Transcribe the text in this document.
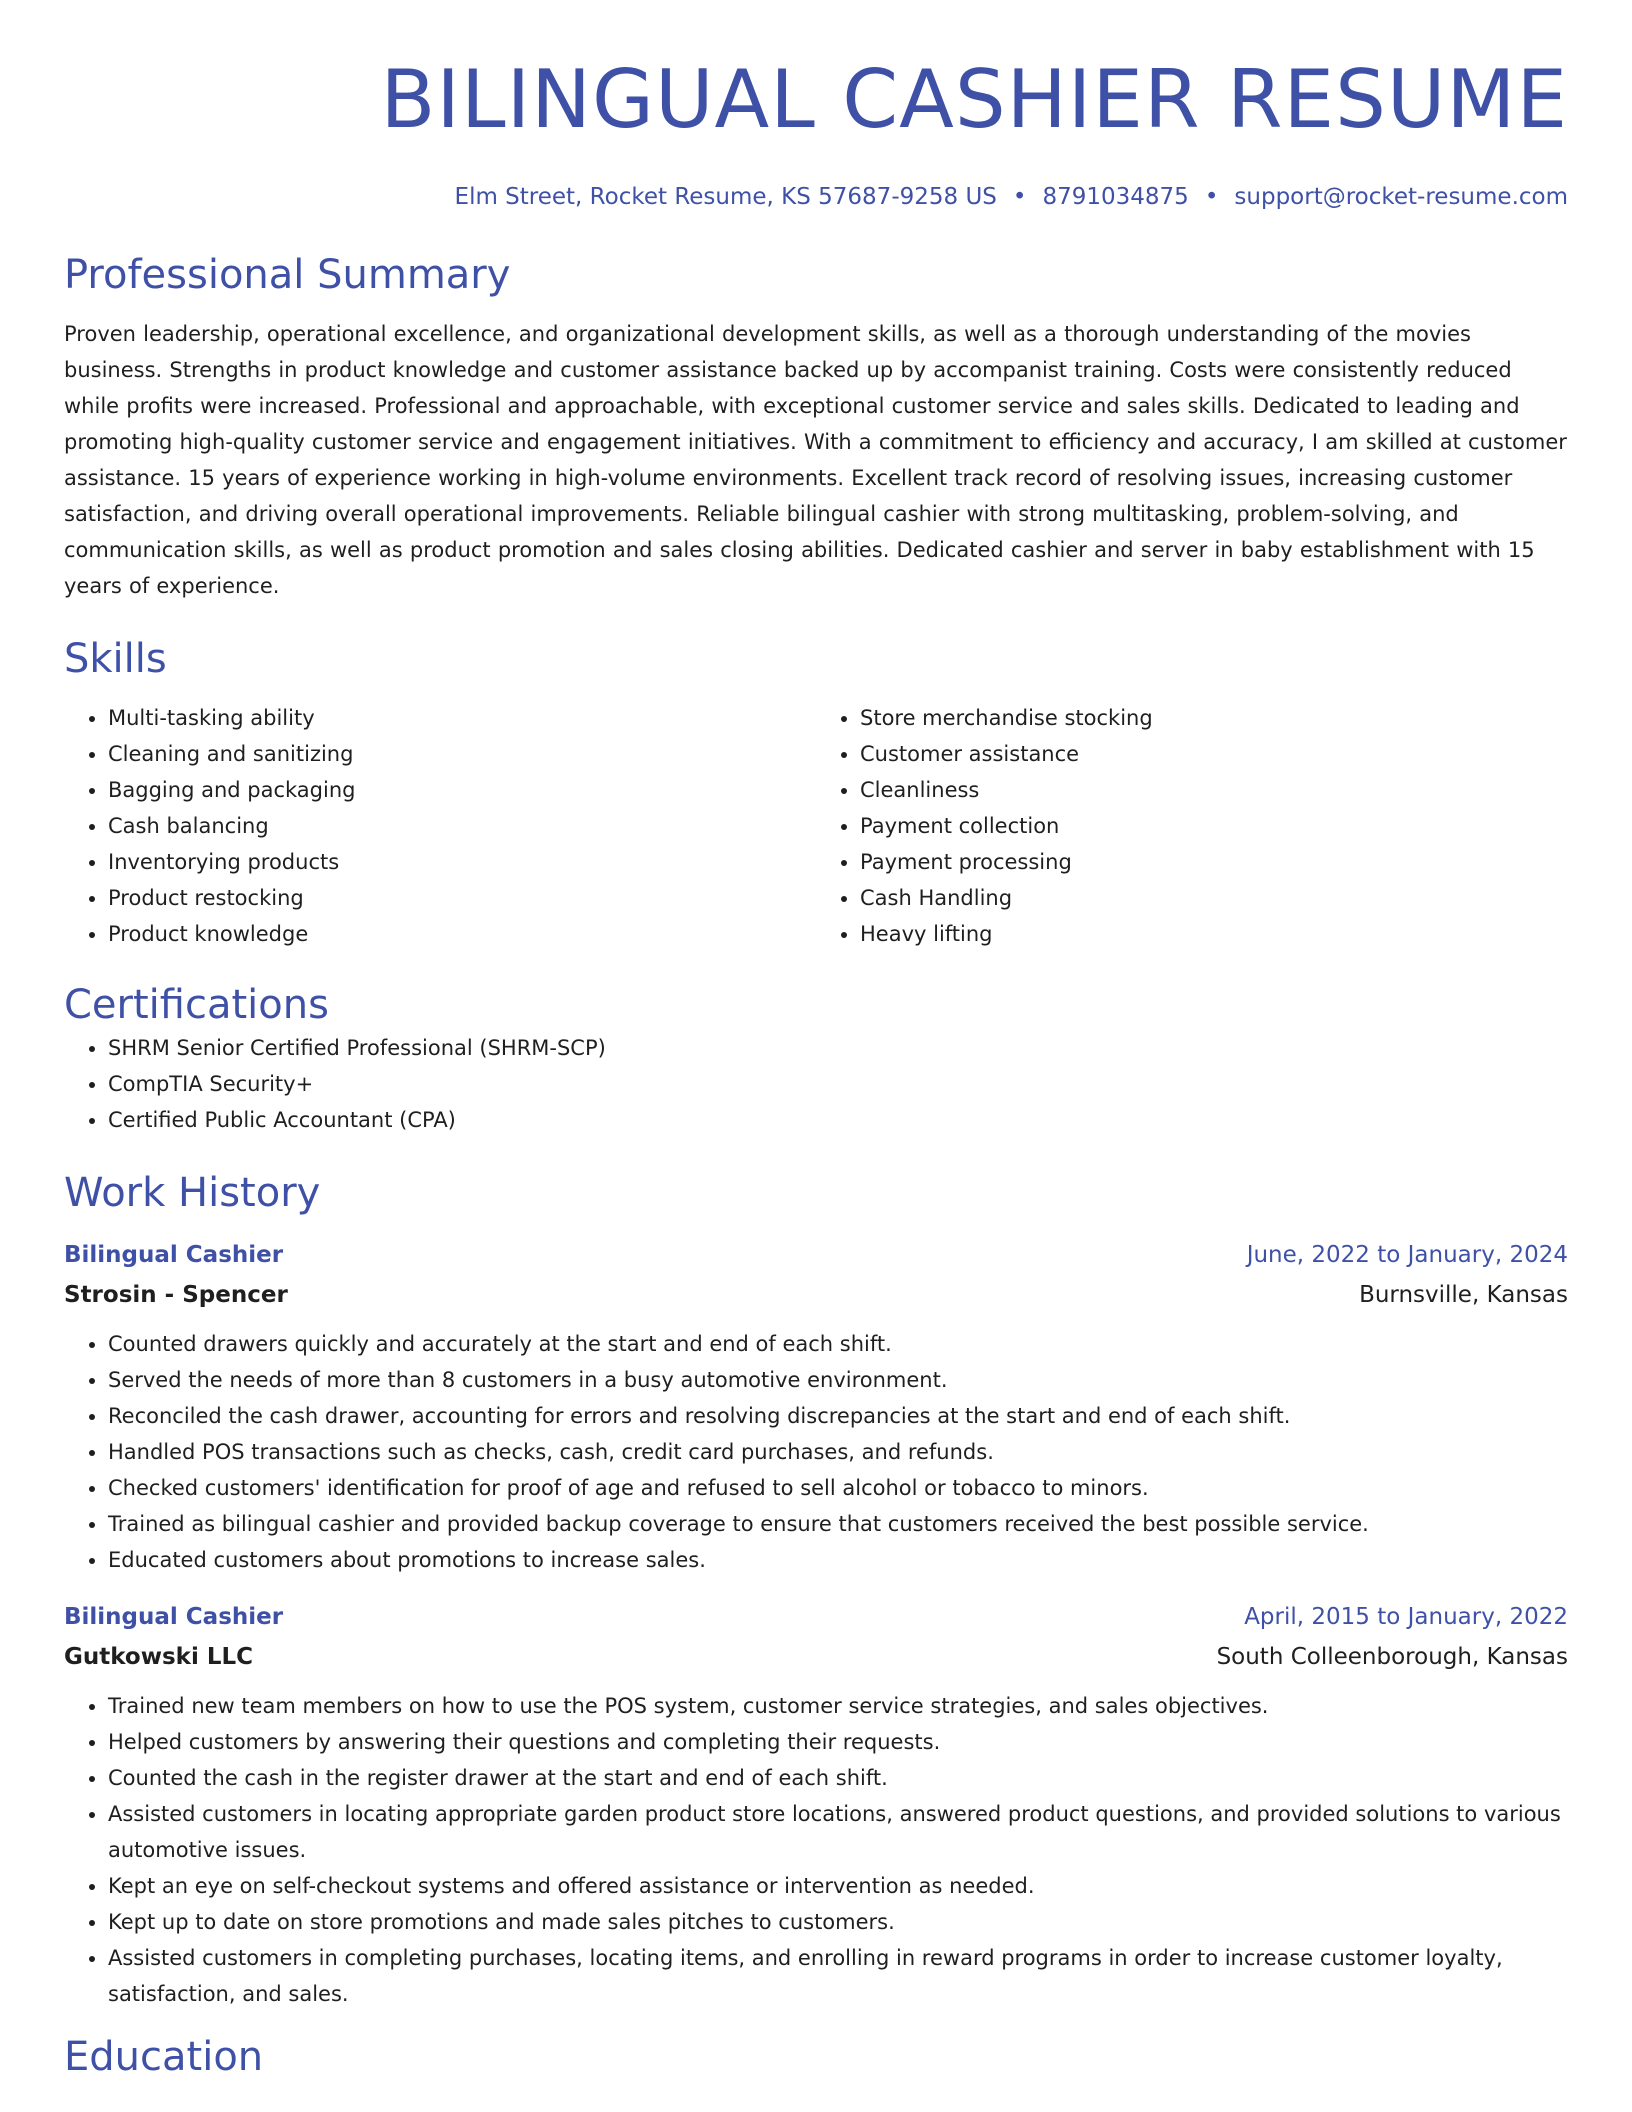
BILINGUAL CASHIER RESUME
Elm Street, Rocket Resume, KS 57687-9258 US • 8791034875 • support@rocket-resume.com
Professional Summary
Proven leadership, operational excellence, and organizational development skills, as well as a thorough understanding of the movies business. Strengths in product knowledge and customer assistance backed up by accompanist training. Costs were consistently reduced while profits were increased. Professional and approachable, with exceptional customer service and sales skills. Dedicated to leading and promoting high-quality customer service and engagement initiatives. With a commitment to efficiency and accuracy, I am skilled at customer assistance. 15 years of experience working in high-volume environments. Excellent track record of resolving issues, increasing customer satisfaction, and driving overall operational improvements. Reliable bilingual cashier with strong multitasking, problem-solving, and communication skills, as well as product promotion and sales closing abilities. Dedicated cashier and server in baby establishment with 15 years of experience.
Skills
• Multi-tasking ability
• Cleaning and sanitizing
• Bagging and packaging
• Cash balancing
• Inventorying products
• Product restocking
• Product knowledge
• Store merchandise stocking
• Customer assistance
• Cleanliness
• Payment collection
• Payment processing
• Cash Handling
• Heavy lifting
Certifications
• SHRM Senior Certified Professional (SHRM-SCP)
• CompTIA Security+
• Certified Public Accountant (CPA)
Work History
Bilingual Cashier	June, 2022 to January, 2024
Strosin - Spencer	Burnsville, Kansas
• Counted drawers quickly and accurately at the start and end of each shift.
• Served the needs of more than 8 customers in a busy automotive environment.
• Reconciled the cash drawer, accounting for errors and resolving discrepancies at the start and end of each shift.
• Handled POS transactions such as checks, cash, credit card purchases, and refunds.
• Checked customers' identification for proof of age and refused to sell alcohol or tobacco to minors.
• Trained as bilingual cashier and provided backup coverage to ensure that customers received the best possible service.
• Educated customers about promotions to increase sales.
Bilingual Cashier	April, 2015 to January, 2022
Gutkowski LLC	South Colleenborough, Kansas
• Trained new team members on how to use the POS system, customer service strategies, and sales objectives.
• Helped customers by answering their questions and completing their requests.
• Counted the cash in the register drawer at the start and end of each shift.
• Assisted customers in locating appropriate garden product store locations, answered product questions, and provided solutions to various automotive issues.
• Kept an eye on self-checkout systems and offered assistance or intervention as needed.
• Kept up to date on store promotions and made sales pitches to customers.
• Assisted customers in completing purchases, locating items, and enrolling in reward programs in order to increase customer loyalty, satisfaction, and sales.
Education
